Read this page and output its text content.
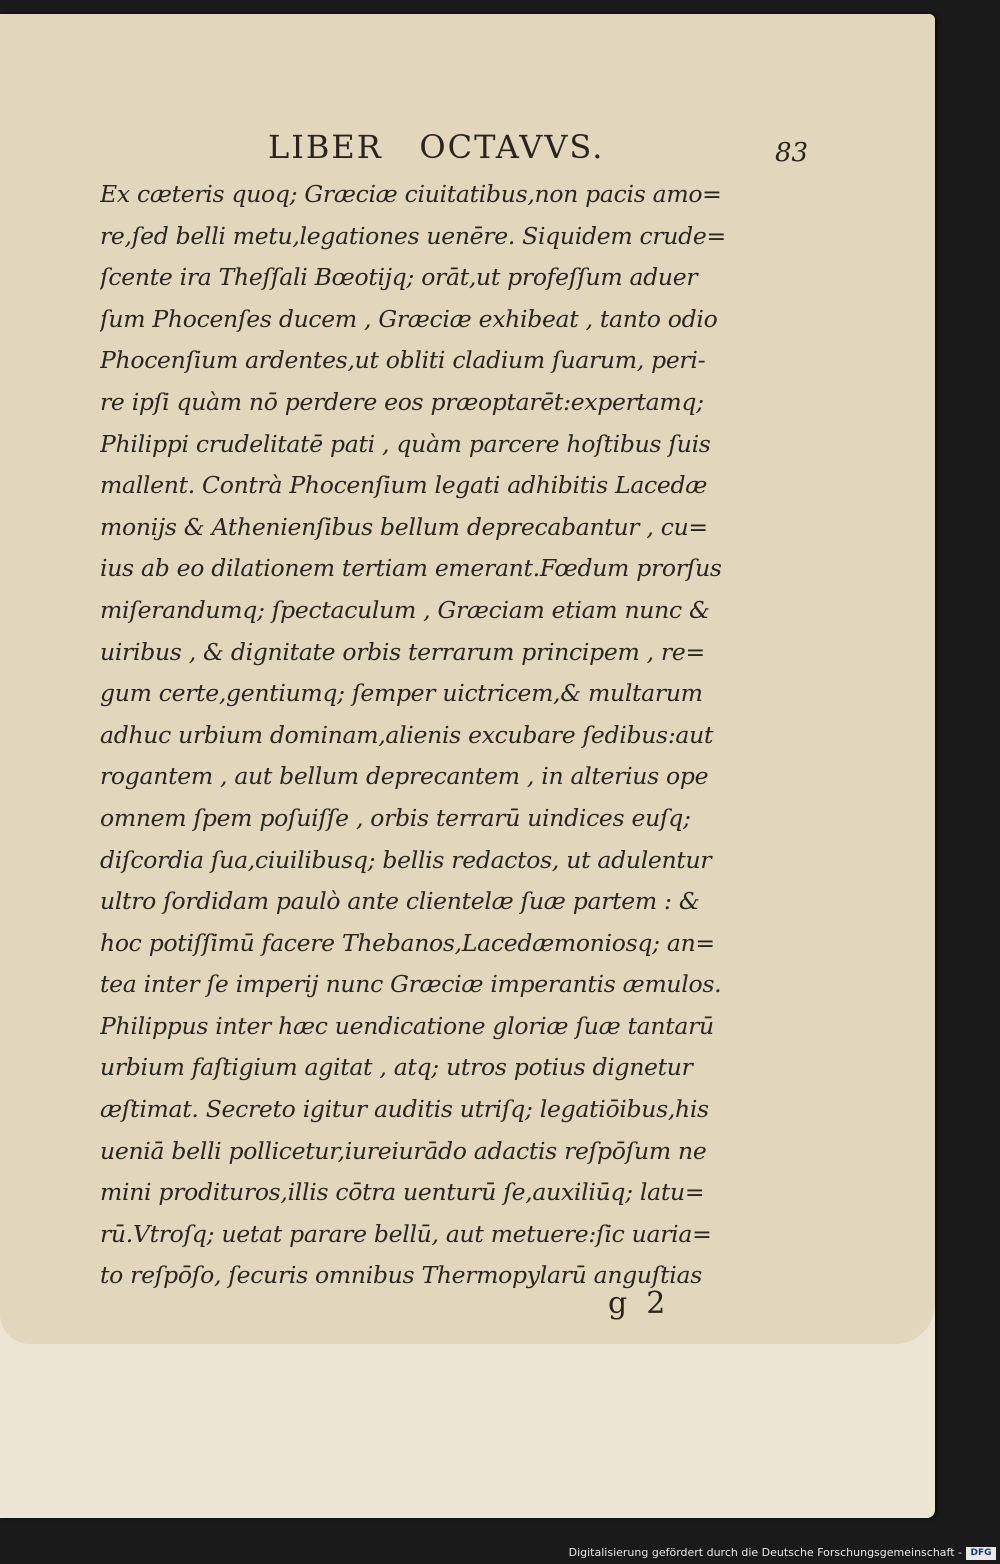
LIBER   OCTAVVS.	83
Ex cæteris quoq; Græciæ ciuitatibus,non pacis amo=
re,ſed belli metu,legationes uenēre. Siquidem crude=
ſcente ira Theſſali Bœotijq; orāt,ut profeſſum aduer
ſum Phocenſes ducem , Græciæ exhibeat , tanto odio
Phocenſium ardentes,ut obliti cladium ſuarum, peri-
re ipſi quàm nō perdere eos præoptarēt:expertamq;
Philippi crudelitatē pati , quàm parcere hoſtibus ſuis
mallent. Contrà Phocenſium legati adhibitis Lacedæ
monijs & Athenienſibus bellum deprecabantur , cu=
ius ab eo dilationem tertiam emerant.Fœdum prorſus
miſerandumq; ſpectaculum , Græciam etiam nunc &
uiribus , & dignitate orbis terrarum principem , re=
gum certe,gentiumq; ſemper uictricem,& multarum
adhuc urbium dominam,alienis excubare ſedibus:aut
rogantem , aut bellum deprecantem , in alterius ope
omnem ſpem poſuiſſe , orbis terrarū uindices euſq;
diſcordia ſua,ciuilibusq; bellis redactos, ut adulentur
ultro ſordidam paulò ante clientelæ ſuæ partem : &
hoc potiſſimū facere Thebanos,Lacedæmoniosq; an=
tea inter ſe imperij nunc Græciæ imperantis æmulos.
Philippus inter hæc uendicatione gloriæ ſuæ tantarū
urbium faſtigium agitat , atq; utros potius dignetur
æſtimat. Secreto igitur auditis utriſq; legatiōibus,his
ueniā belli pollicetur,iureiurādo adactis reſpōſum ne
mini prodituros,illis cōtra uenturū ſe,auxiliūq; latu=
rū.Vtroſq; uetat parare bellū, aut metuere:ſic uaria=
to reſpōſo, ſecuris omnibus Thermopylarū anguſtias
g  2
Digitalisierung gefördert durch die Deutsche Forschungsgemeinschaft - DFG
